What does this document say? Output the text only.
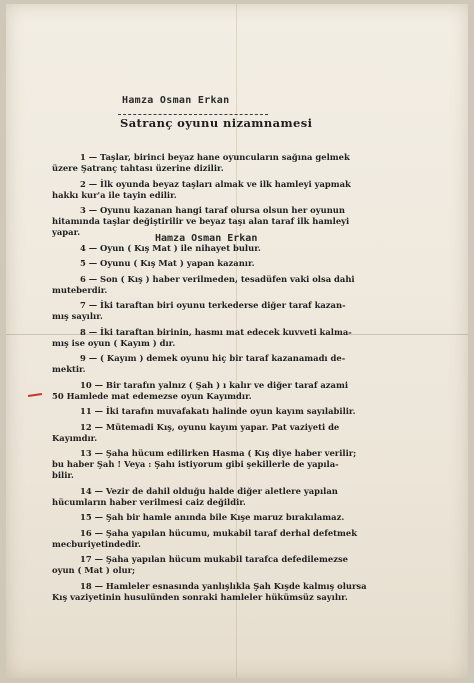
Hamza Osman Erkan
Satranç oyunu nizamnamesi
1 — Taşlar, birinci beyaz hane oyuncuların sağına gelmek
üzere Şatranç tahtası üzerine dizilir.
2 — İlk oyunda beyaz taşları almak ve ilk hamleyi yapmak
hakkı kur'a ile tayin edilir.
3 — Oyunu kazanan hangi taraf olursa olsun her oyunun
hitamında taşlar değiştirilir ve beyaz taşı alan taraf ilk hamleyi
yapar.
4 — Oyun ( Kış Mat ) ile nihayet bulur.
5 — Oyunu ( Kış Mat ) yapan kazanır.
6 — Son ( Kış ) haber verilmeden, tesadüfen vaki olsa dahi
muteberdir.
7 — İki taraftan biri oyunu terkederse diğer taraf kazan-
mış sayılır.
8 — İki taraftan birinin, hasmı mat edecek kuvveti kalma-
mış ise oyun ( Kayım ) dır.
9 — ( Kayım ) demek oyunu hiç bir taraf kazanamadı de-
mektir.
10 — Bir tarafın yalnız ( Şah ) ı kalır ve diğer taraf azami
50 Hamlede mat edemezse oyun Kayımdır.
11 — İki tarafın muvafakatı halinde oyun kayım sayılabilir.
12 — Mütemadi Kış, oyunu kayım yapar. Pat vaziyeti de
Kayımdır.
13 — Şaha hücum edilirken Hasma ( Kış diye haber verilir;
bu haber Şah ! Veya : Şahı istiyorum gibi şekillerle de yapıla-
bilir.
14 — Vezir de dahil olduğu halde diğer aletlere yapılan
hücumların haber verilmesi caiz değildir.
15 — Şah bir hamle anında bile Kışe maruz bırakılamaz.
16 — Şaha yapılan hücumu, mukabil taraf derhal defetmek
mecburiyetindedir.
17 — Şaha yapılan hücum mukabil tarafca defedilemezse
oyun ( Mat ) olur;
18 — Hamleler esnasında yanlışlıkla Şah Kışde kalmış olursa
Kış vaziyetinin husulünden sonraki hamleler hükümsüz sayılır.
Hamza Osman Erkan
